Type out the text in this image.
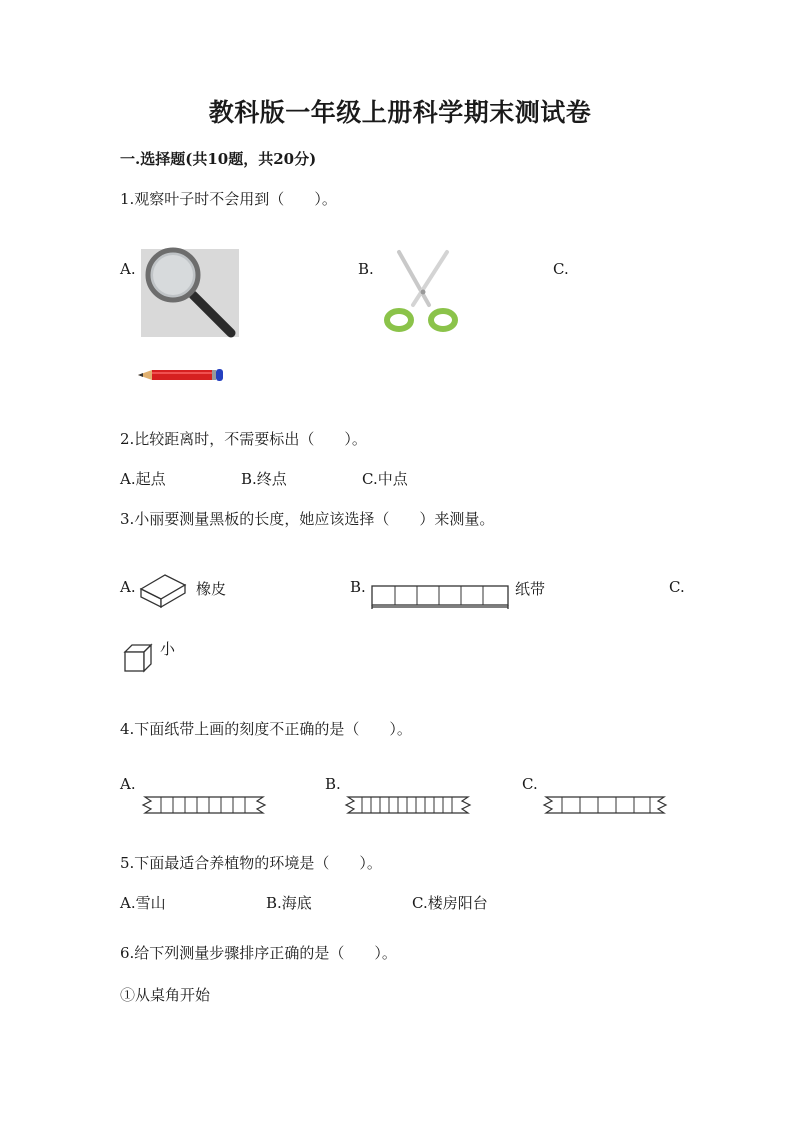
教科版一年级上册科学期末测试卷
一.选择题(共10题，共20分)
1.观察叶子时不会用到（　　）。
A.	B.	C.
2.比较距离时，不需要标出（　　）。
A.起点	B.终点	C.中点
3.小丽要测量黑板的长度，她应该选择（　　）来测量。
A.	橡皮	B.	纸带	C.
小
4.下面纸带上画的刻度不正确的是（　　）。
A.	B.	C.
5.下面最适合养植物的环境是（　　）。
A.雪山	B.海底	C.楼房阳台
6.给下列测量步骤排序正确的是（　　）。
①从桌角开始
